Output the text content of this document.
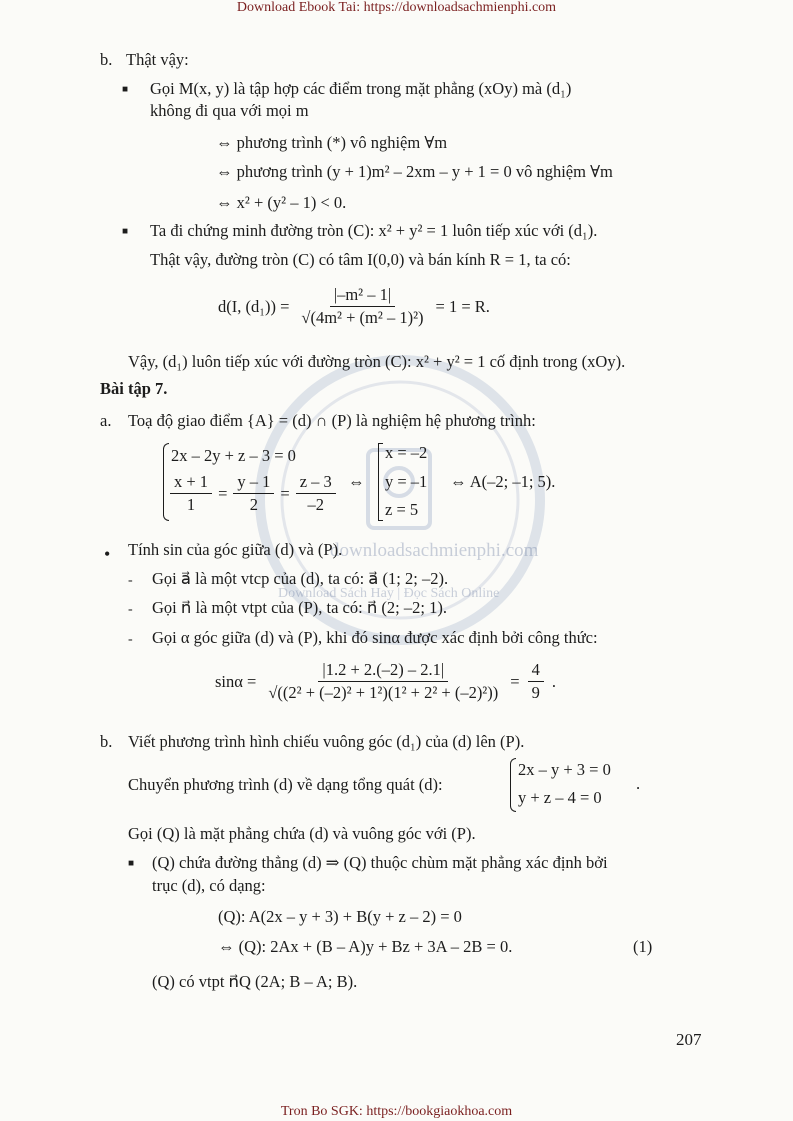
Download Ebook Tai: https://downloadsachmienphi.com
downloadsachmienphi.com
Download Sách Hay | Đọc Sách Online
b. Thật vậy:
■ Gọi M(x, y) là tập hợp các điểm trong mặt phẳng (xOy) mà (d₁)
không đi qua với mọi m
⇔ phương trình (*) vô nghiệm ∀m
⇔ phương trình (y + 1)m² – 2xm – y + 1 = 0 vô nghiệm ∀m
⇔ x² + (y² – 1) < 0.
■ Ta đi chứng minh đường tròn (C): x² + y² = 1 luôn tiếp xúc với (d₁).
Thật vậy, đường tròn (C) có tâm I(0,0) và bán kính R = 1, ta có:
d(I, $(d_1)) = \frac{\text{|–m² – 1|}}{\text{√(4m² + (m² – 1)²)}} = 1 = R$.
Vậy, (d₁) luôn tiếp xúc với đường tròn (C): x² + y² = 1 cố định trong (xOy).
Bài tập 7.
a. Toạ độ giao điểm {A} = (d) ∩ (P) là nghiệm hệ phương trình:
2x – 2y + z – 3 = 0
$\frac{x + 1}{1} = \frac{y - 1}{2} = \frac{z - 3}{-2}$ ⇔
x = –2
y = –1
z = 5
⇔ A(–2; –1; 5).
• Tính sin của góc giữa (d) và (P).
- Gọi a⃗ là một vtcp của (d), ta có: a⃗ (1; 2; –2).
- Gọi n⃗ là một vtpt của (P), ta có: n⃗ (2; –2; 1).
- Gọi α góc giữa (d) và (P), khi đó sinα được xác định bởi công thức:
$\sin\alpha = \frac{|1.2 + 2.(-2) - 2.1|}{\text{√((2² + (–2)² + 1²)(1² + 2² + (–2)²))}} = \frac{4}{9}$ .
b. Viết phương trình hình chiếu vuông góc (d₁) của (d) lên (P).
Chuyển phương trình (d) về dạng tổng quát (d):
2x – y + 3 = 0
y + z – 4 = 0
.
Gọi (Q) là mặt phẳng chứa (d) và vuông góc với (P).
■ (Q) chứa đường thẳng (d) ⇒ (Q) thuộc chùm mặt phẳng xác định bởi
trục (d), có dạng:
(Q): A(2x – y + 3) + B(y + z – 2) = 0
⇔ (Q): 2Ax + (B – A)y + Bz + 3A – 2B = 0.	(1)
(Q) có vtpt n⃗Q (2A; B – A; B).
207
Tron Bo SGK: https://bookgiaokhoa.com
